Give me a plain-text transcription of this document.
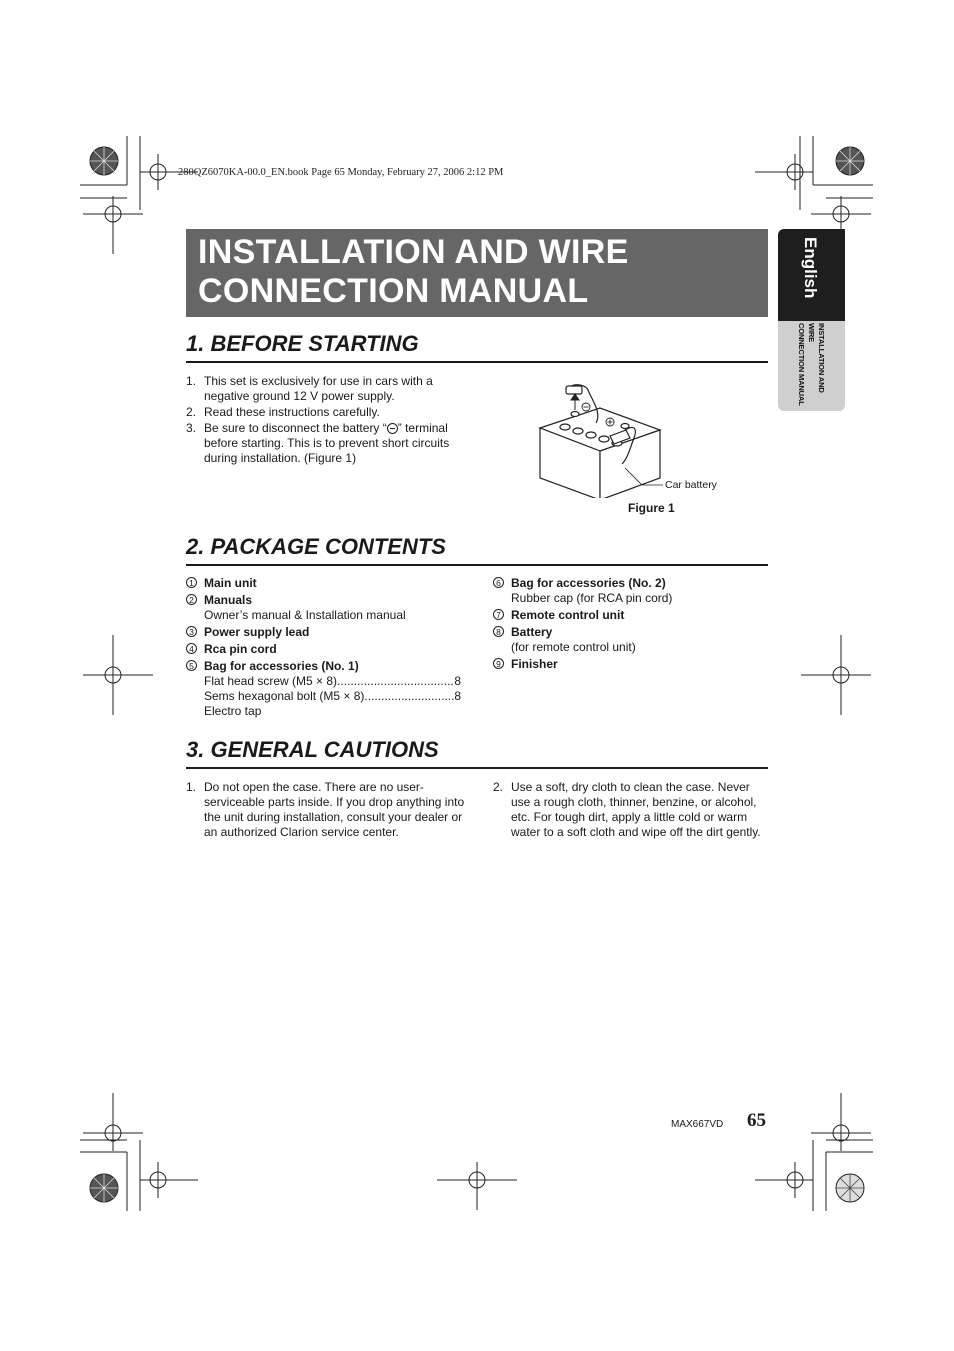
280QZ6070KA-00.0_EN.book Page 65 Monday, February 27, 2006 2:12 PM
INSTALLATION AND WIRE
CONNECTION MANUAL	English
INSTALLATION AND WIRE
CONNECTION MANUAL
1. BEFORE STARTING
1. This set is exclusively for use in cars with a negative ground 12 V power supply.
2. Read these instructions carefully.
3. Be sure to disconnect the battery “ ” terminal before starting. This is to prevent short circuits during installation. (Figure 1)
Car battery
Figure 1
2. PACKAGE CONTENTS
1 Main unit
2 Manuals
Owner’s manual & Installation manual
3 Power supply lead
4 Rca pin cord
5 Bag for accessories (No. 1)
Flat head screw (M5 × 8) .....	8
Sems hexagonal bolt (M5 × 8) .....	8
Electro tap
6 Bag for accessories (No. 2)
Rubber cap (for RCA pin cord)
7 Remote control unit
8 Battery
(for remote control unit)
9 Finisher
3. GENERAL CAUTIONS
1. Do not open the case. There are no user-serviceable parts inside. If you drop anything into the unit during installation, consult your dealer or an authorized Clarion service center.
2. Use a soft, dry cloth to clean the case. Never use a rough cloth, thinner, benzine, or alcohol, etc. For tough dirt, apply a little cold or warm water to a soft cloth and wipe off the dirt gently.
MAX667VD 65
